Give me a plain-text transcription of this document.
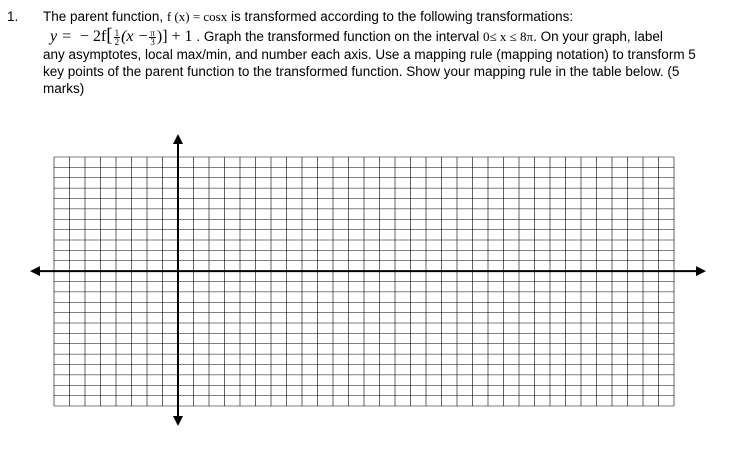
1. The parent function, f (x) = cosx is transformed according to the following transformations:
y = − $2f[ \frac{1}{2} (x - \frac{\pi}{3}$ )] + 1 . Graph the transformed function on the interval 0≤ x ≤ 8π. On your graph, label
any asymptotes, local max/min, and number each axis. Use a mapping rule (mapping notation) to transform 5
key points of the parent function to the transformed function. Show your mapping rule in the table below. (5
marks)
